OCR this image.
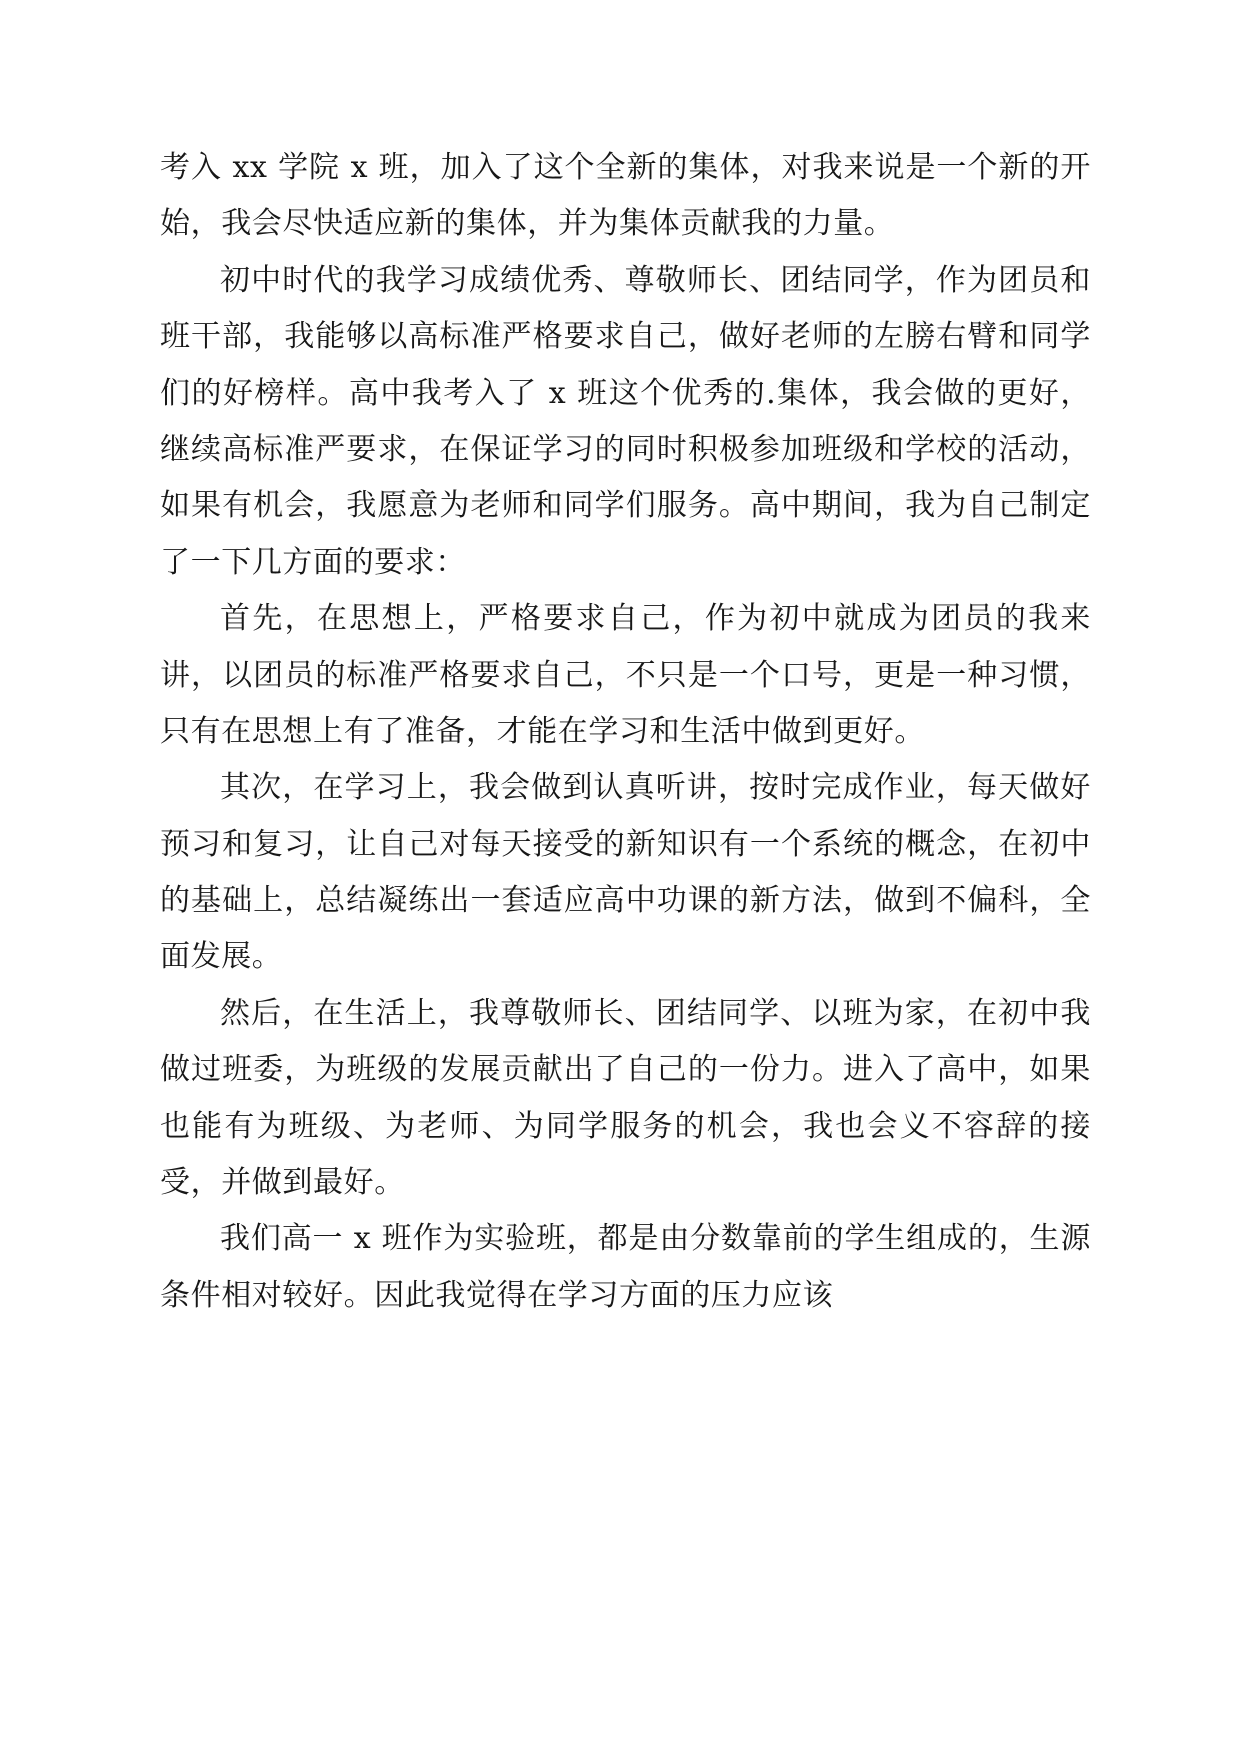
考入 xx 学院 x 班，加入了这个全新的集体，对我来说是一个新的开始，我会尽快适应新的集体，并为集体贡献我的力量。

初中时代的我学习成绩优秀、尊敬师长、团结同学，作为团员和班干部，我能够以高标准严格要求自己，做好老师的左膀右臂和同学们的好榜样。高中我考入了 x 班这个优秀的.集体，我会做的更好，继续高标准严要求，在保证学习的同时积极参加班级和学校的活动，如果有机会，我愿意为老师和同学们服务。高中期间，我为自己制定了一下几方面的要求：

首先，在思想上，严格要求自己，作为初中就成为团员的我来讲，以团员的标准严格要求自己，不只是一个口号，更是一种习惯，只有在思想上有了准备，才能在学习和生活中做到更好。

其次，在学习上，我会做到认真听讲，按时完成作业，每天做好预习和复习，让自己对每天接受的新知识有一个系统的概念，在初中的基础上，总结凝练出一套适应高中功课的新方法，做到不偏科，全面发展。

然后，在生活上，我尊敬师长、团结同学、以班为家，在初中我做过班委，为班级的发展贡献出了自己的一份力。进入了高中，如果也能有为班级、为老师、为同学服务的机会，我也会义不容辞的接受，并做到最好。

我们高一 x 班作为实验班，都是由分数靠前的学生组成的，生源条件相对较好。因此我觉得在学习方面的压力应该
